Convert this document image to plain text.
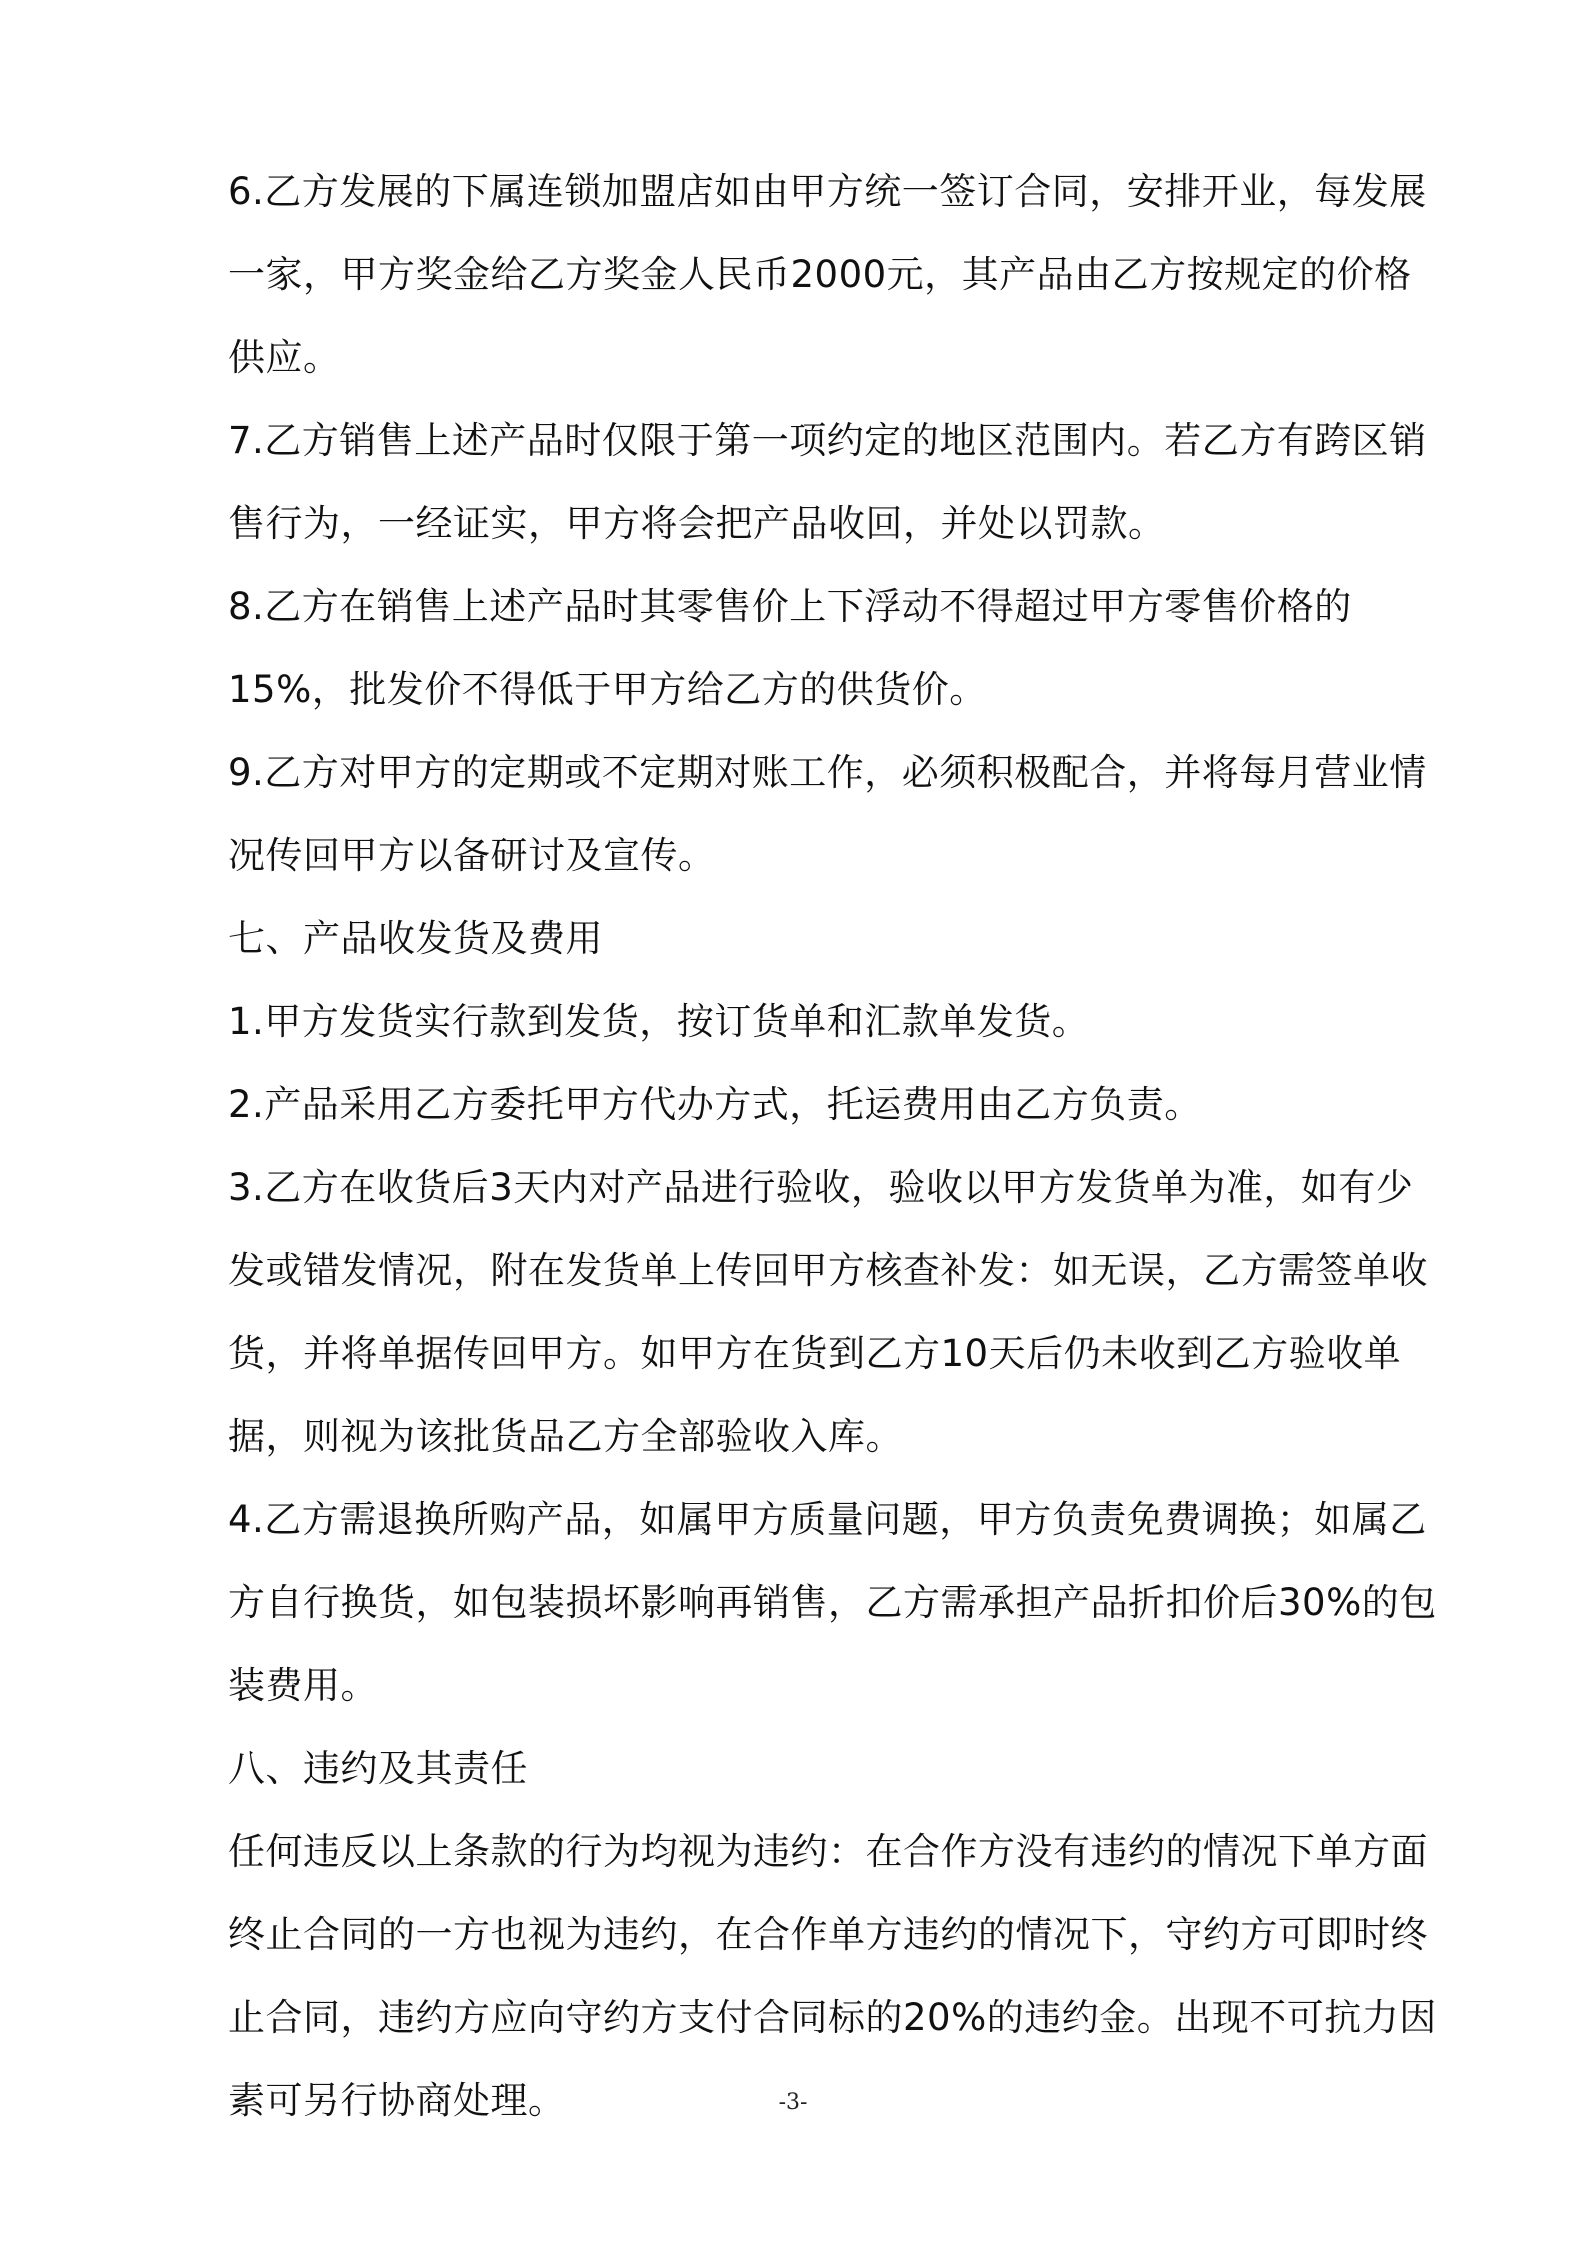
6.乙方发展的下属连锁加盟店如由甲方统一签订合同，安排开业，每发展一家，甲方奖金给乙方奖金人民币2000元，其产品由乙方按规定的价格供应。

7.乙方销售上述产品时仅限于第一项约定的地区范围内。若乙方有跨区销售行为，一经证实，甲方将会把产品收回，并处以罚款。

8.乙方在销售上述产品时其零售价上下浮动不得超过甲方零售价格的15%，批发价不得低于甲方给乙方的供货价。

9.乙方对甲方的定期或不定期对账工作，必须积极配合，并将每月营业情况传回甲方以备研讨及宣传。

七、产品收发货及费用

1.甲方发货实行款到发货，按订货单和汇款单发货。

2.产品采用乙方委托甲方代办方式，托运费用由乙方负责。

3.乙方在收货后3天内对产品进行验收，验收以甲方发货单为准，如有少发或错发情况，附在发货单上传回甲方核查补发：如无误，乙方需签单收货，并将单据传回甲方。如甲方在货到乙方10天后仍未收到乙方验收单据，则视为该批货品乙方全部验收入库。

4.乙方需退换所购产品，如属甲方质量问题，甲方负责免费调换；如属乙方自行换货，如包装损坏影响再销售，乙方需承担产品折扣价后30%的包装费用。

八、违约及其责任

任何违反以上条款的行为均视为违约：在合作方没有违约的情况下单方面终止合同的一方也视为违约，在合作单方违约的情况下，守约方可即时终止合同，违约方应向守约方支付合同标的20%的违约金。出现不可抗力因素可另行协商处理。	-3-
